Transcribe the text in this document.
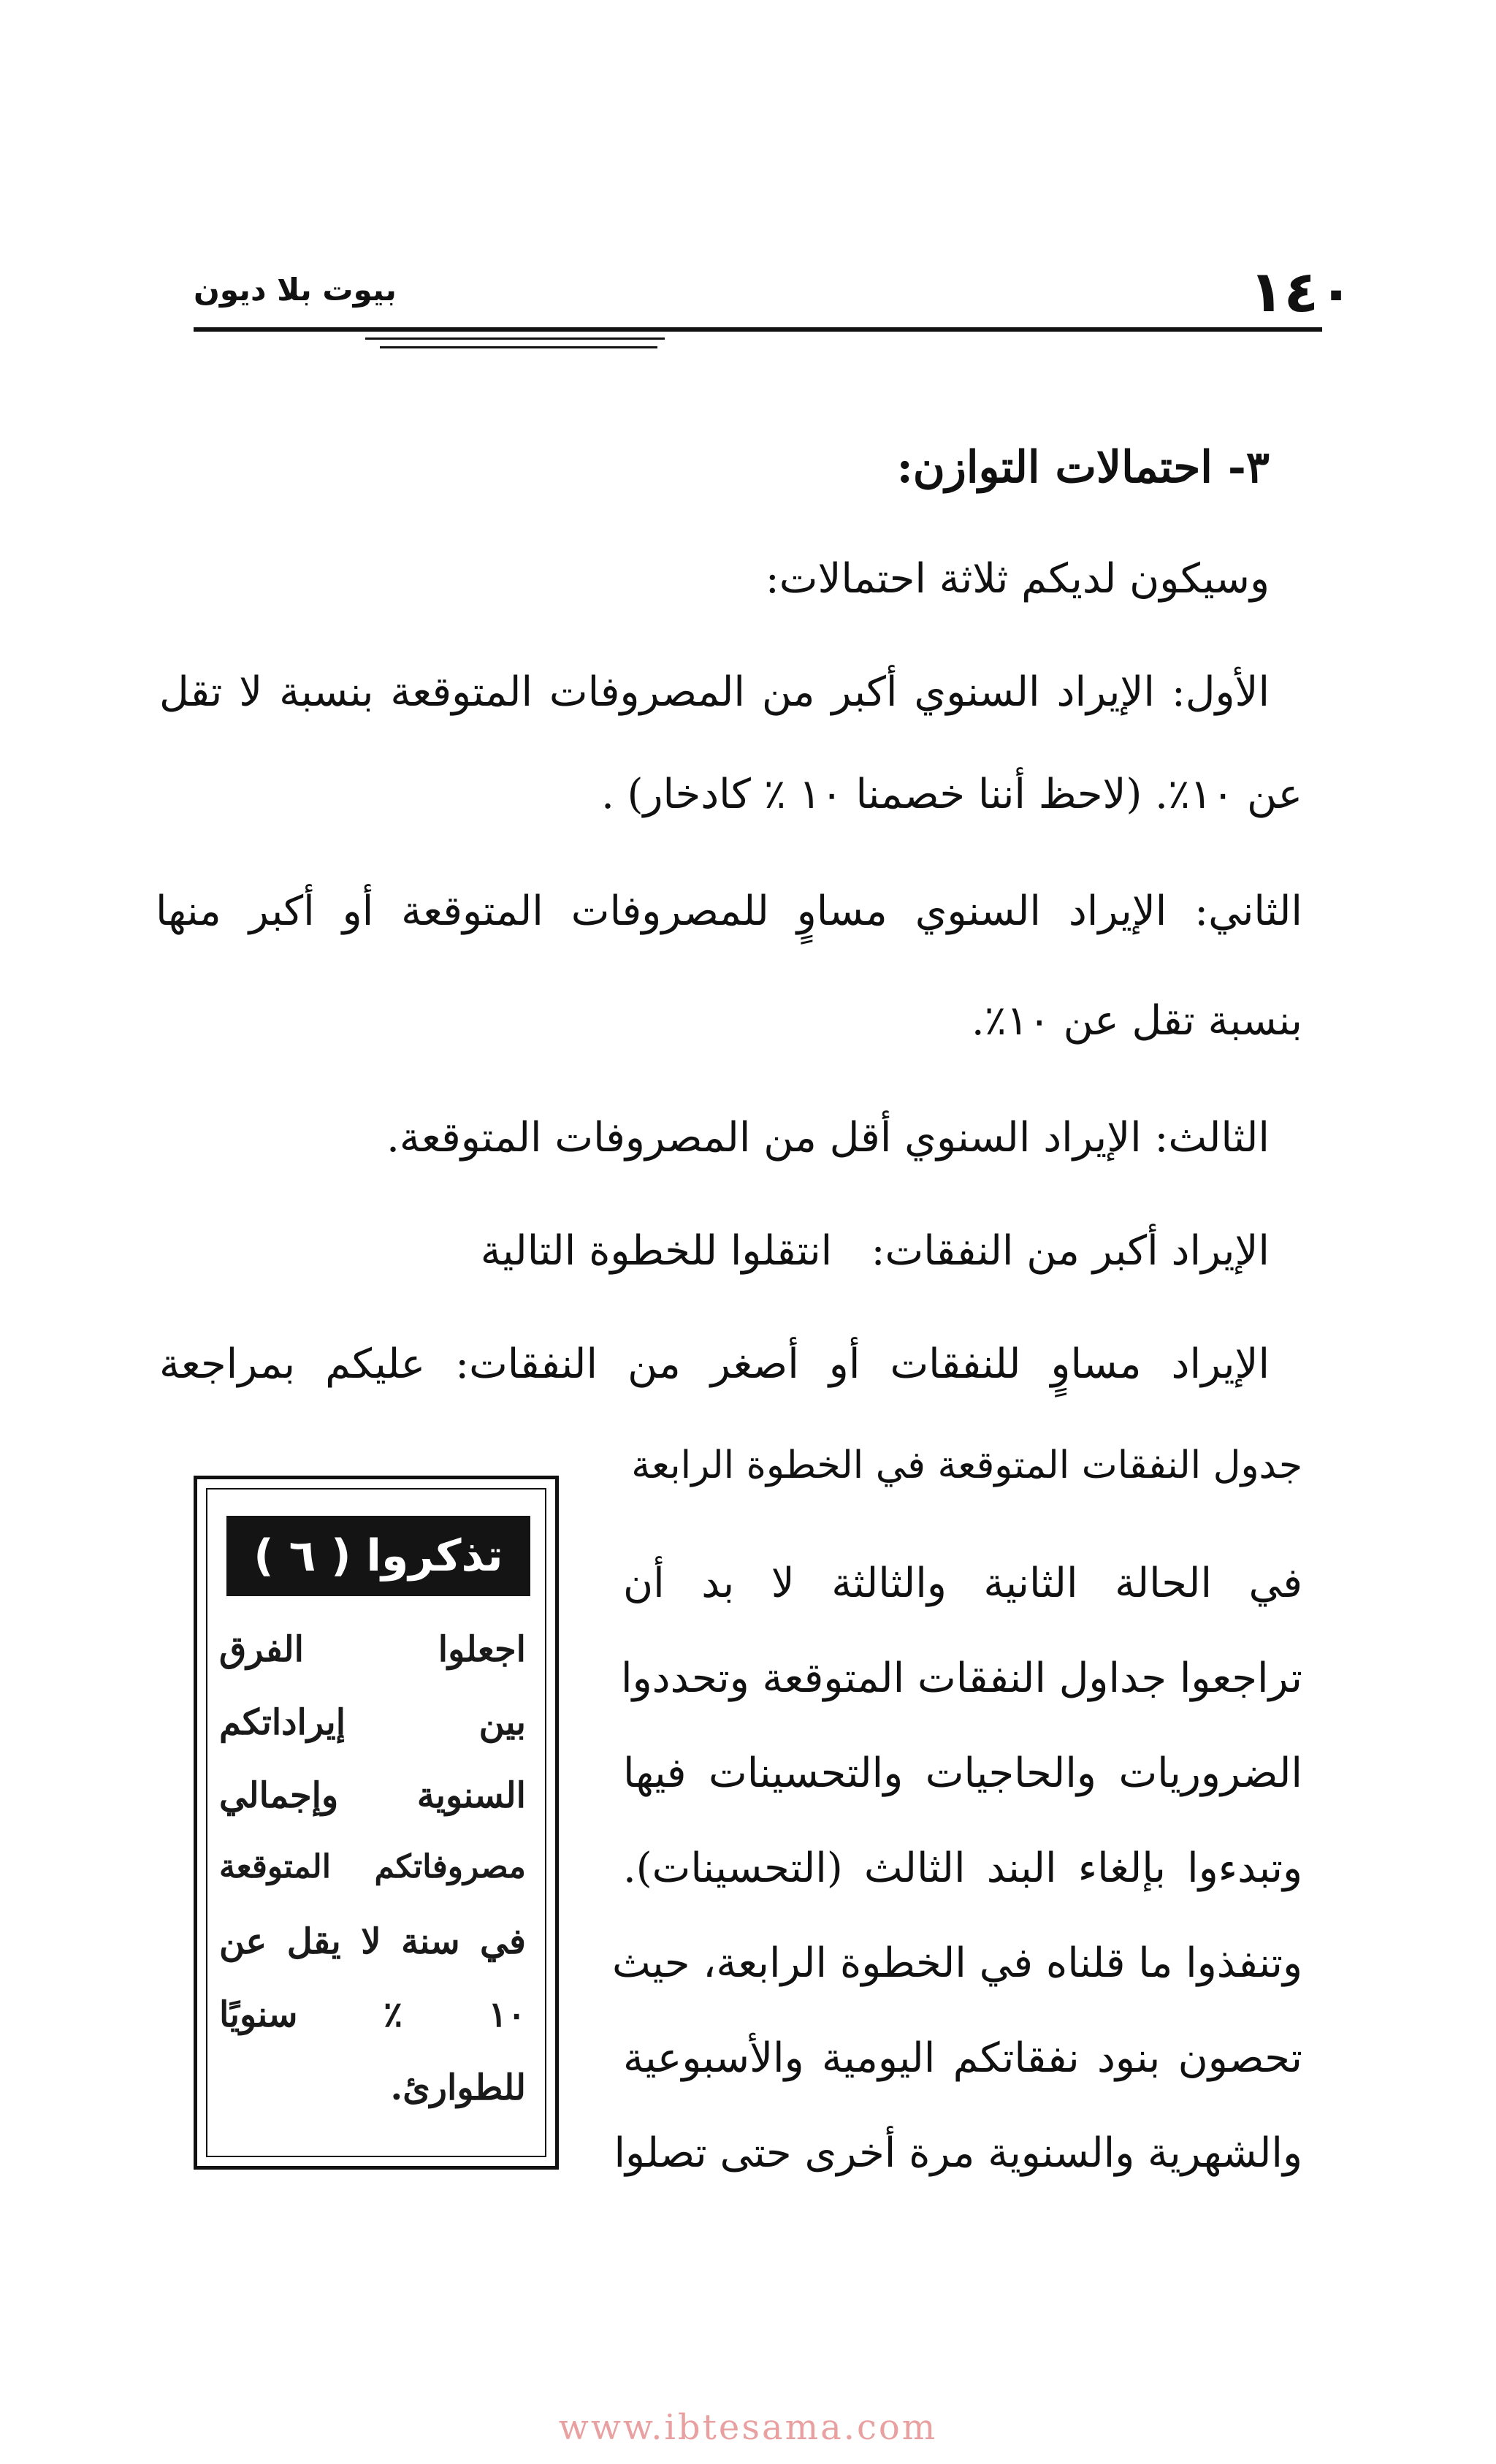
١٤٠
بيوت بلا ديون
٣- احتمالات التوازن:
وسيكون لديكم ثلاثة احتمالات:
الأول: الإيراد السنوي أكبر من المصروفات المتوقعة بنسبة لا تقل
عن ١٠٪. (لاحظ أننا خصمنا ١٠ ٪ كادخار) .
الثاني: الإيراد السنوي مساوٍ للمصروفات المتوقعة أو أكبر منها
بنسبة تقل عن ١٠٪.
الثالث: الإيراد السنوي أقل من المصروفات المتوقعة.
الإيراد أكبر من النفقات:   انتقلوا للخطوة التالية
الإيراد مساوٍ للنفقات أو أصغر من النفقات: عليكم بمراجعة
جدول النفقات المتوقعة في الخطوة الرابعة
في الحالة الثانية والثالثة لا بد أن
تراجعوا جداول النفقات المتوقعة وتحددوا
الضروريات والحاجيات والتحسينات فيها
وتبدءوا بإلغاء البند الثالث (التحسينات).
وتنفذوا ما قلناه في الخطوة الرابعة، حيث
تحصون بنود نفقاتكم اليومية والأسبوعية
والشهرية والسنوية مرة أخرى حتى تصلوا
تذكروا ( ٦ )
اجعلوا الفرق
بين إيراداتكم
السنوية وإجمالي
مصروفاتكم المتوقعة
في سنة لا يقل عن
١٠ ٪ سنويًا
للطوارئ.
www.ibtesama.com
